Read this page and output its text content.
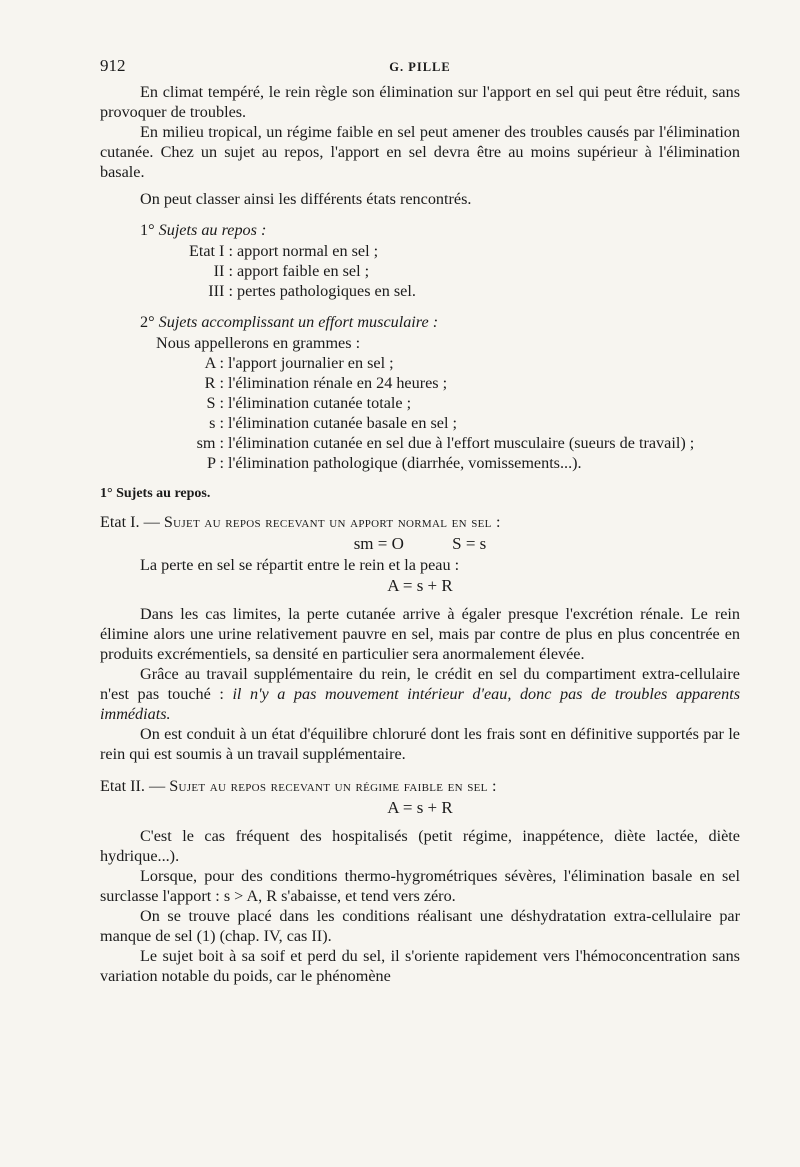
912	G. PILLE

En climat tempéré, le rein règle son élimination sur l'apport en sel qui peut être réduit, sans provoquer de troubles.

En milieu tropical, un régime faible en sel peut amener des troubles causés par l'élimination cutanée. Chez un sujet au repos, l'apport en sel devra être au moins supérieur à l'élimination basale.

On peut classer ainsi les différents états rencontrés.

1° Sujets au repos :
Etat I : apport normal en sel ;
II : apport faible en sel ;
III : pertes pathologiques en sel.
2° Sujets accomplissant un effort musculaire :
Nous appellerons en grammes :
A : l'apport journalier en sel ;
R : l'élimination rénale en 24 heures ;
S : l'élimination cutanée totale ;
s : l'élimination cutanée basale en sel ;
sm : l'élimination cutanée en sel due à l'effort musculaire (sueurs de travail) ;
P : l'élimination pathologique (diarrhée, vomissements...).
1° Sujets au repos.
Etat I. — Sujet au repos recevant un apport normal en sel :
sm = O	S = s

La perte en sel se répartit entre le rein et la peau :

A = s + R

Dans les cas limites, la perte cutanée arrive à égaler presque l'excrétion rénale. Le rein élimine alors une urine relativement pauvre en sel, mais par contre de plus en plus concentrée en produits excrémentiels, sa densité en particulier sera anormalement élevée.

Grâce au travail supplémentaire du rein, le crédit en sel du compartiment extra-cellulaire n'est pas touché : il n'y a pas mouvement intérieur d'eau, donc pas de troubles apparents immédiats.

On est conduit à un état d'équilibre chloruré dont les frais sont en définitive supportés par le rein qui est soumis à un travail supplémentaire.

Etat II. — Sujet au repos recevant un régime faible en sel :
A = s + R

C'est le cas fréquent des hospitalisés (petit régime, inappétence, diète lactée, diète hydrique...).

Lorsque, pour des conditions thermo-hygrométriques sévères, l'élimination basale en sel surclasse l'apport : s > A, R s'abaisse, et tend vers zéro.

On se trouve placé dans les conditions réalisant une déshydratation extra-cellulaire par manque de sel (1) (chap. IV, cas II).

Le sujet boit à sa soif et perd du sel, il s'oriente rapidement vers l'hémoconcentration sans variation notable du poids, car le phénomène
